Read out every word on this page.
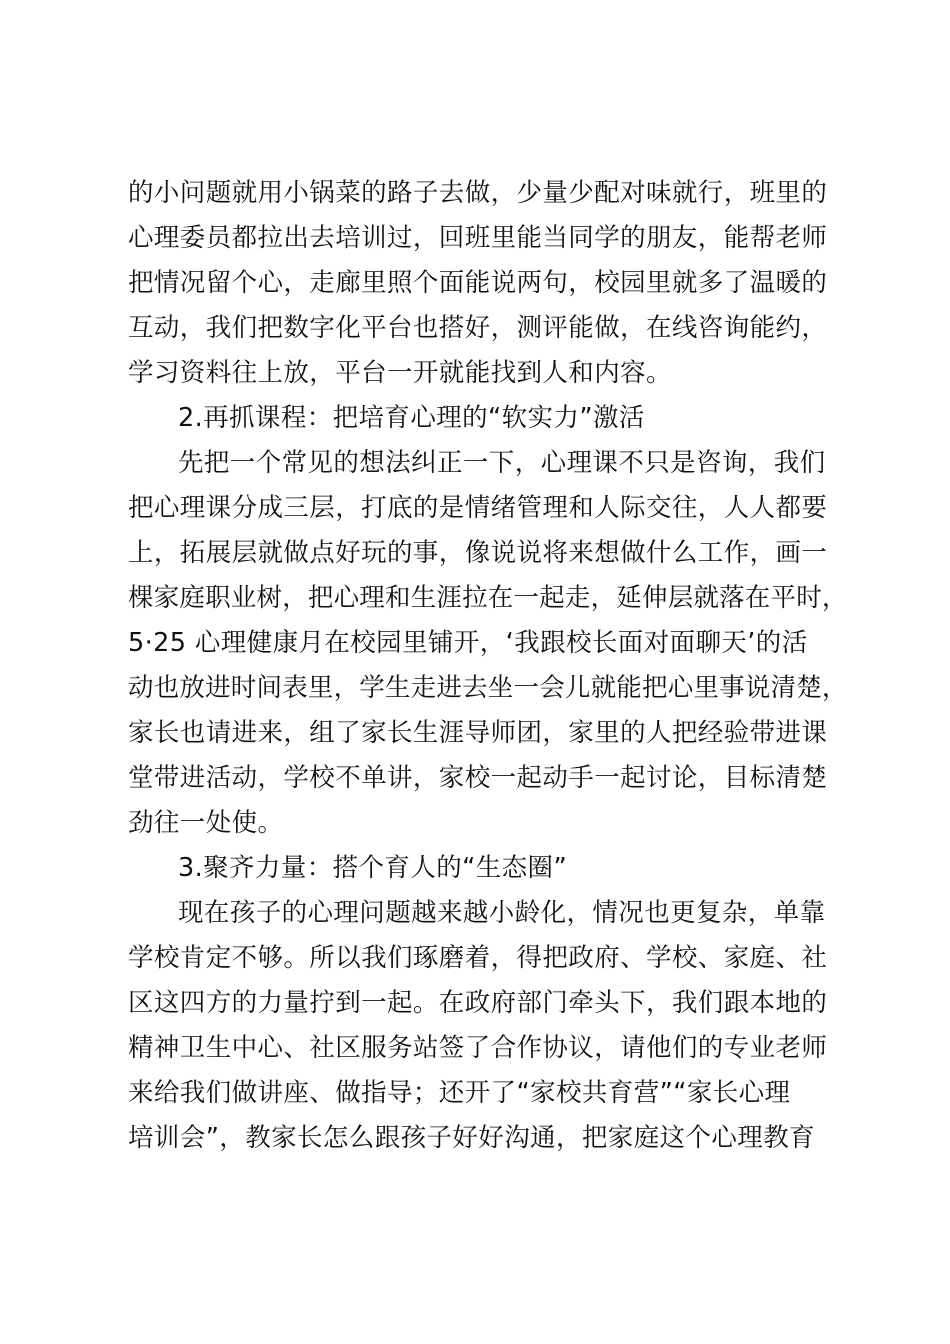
的小问题就用小锅菜的路子去做，少量少配对味就行，班里的
心理委员都拉出去培训过，回班里能当同学的朋友，能帮老师
把情况留个心，走廊里照个面能说两句，校园里就多了温暖的
互动，我们把数字化平台也搭好，测评能做，在线咨询能约，
学习资料往上放，平台一开就能找到人和内容。
2.再抓课程：把培育心理的“软实力”激活
先把一个常见的想法纠正一下，心理课不只是咨询，我们
把心理课分成三层，打底的是情绪管理和人际交往，人人都要
上，拓展层就做点好玩的事，像说说将来想做什么工作，画一
棵家庭职业树，把心理和生涯拉在一起走，延伸层就落在平时，
5·25 心理健康月在校园里铺开，‘我跟校长面对面聊天’的活
动也放进时间表里，学生走进去坐一会儿就能把心里事说清楚，
家长也请进来，组了家长生涯导师团，家里的人把经验带进课
堂带进活动，学校不单讲，家校一起动手一起讨论，目标清楚
劲往一处使。
3.聚齐力量：搭个育人的“生态圈”
现在孩子的心理问题越来越小龄化，情况也更复杂，单靠
学校肯定不够。所以我们琢磨着，得把政府、学校、家庭、社
区这四方的力量拧到一起。在政府部门牵头下，我们跟本地的
精神卫生中心、社区服务站签了合作协议，请他们的专业老师
来给我们做讲座、做指导；还开了“家校共育营”“家长心理
培训会”，教家长怎么跟孩子好好沟通，把家庭这个心理教育
